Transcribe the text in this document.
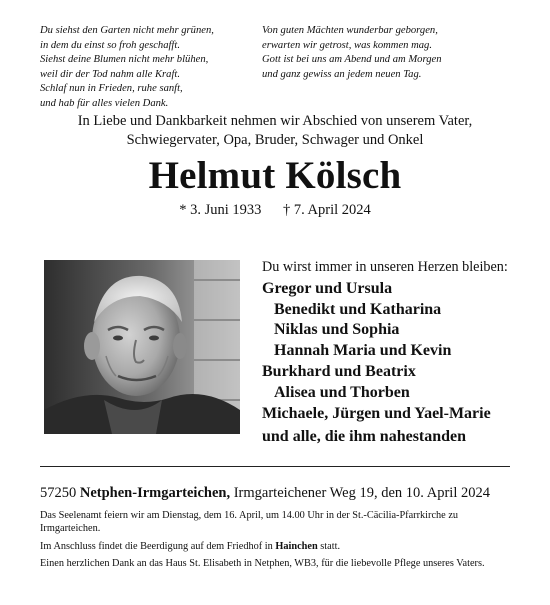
Du siehst den Garten nicht mehr grünen,
in dem du einst so froh geschafft.
Siehst deine Blumen nicht mehr blühen,
weil dir der Tod nahm alle Kraft.
Schlaf nun in Frieden, ruhe sanft,
und hab für alles vielen Dank.
Von guten Mächten wunderbar geborgen,
erwarten wir getrost, was kommen mag.
Gott ist bei uns am Abend und am Morgen
und ganz gewiss an jedem neuen Tag.
In Liebe und Dankbarkeit nehmen wir Abschied von unserem Vater,
Schwiegervater, Opa, Bruder, Schwager und Onkel
Helmut Kölsch
* 3. Juni 1933 † 7. April 2024
Du wirst immer in unseren Herzen bleiben:
Gregor und Ursula
Benedikt und Katharina
Niklas und Sophia
Hannah Maria und Kevin
Burkhard und Beatrix
Alisea und Thorben
Michaele, Jürgen und Yael-Marie
und alle, die ihm nahestanden
57250 Netphen-Irmgarteichen, Irmgarteichener Weg 19, den 10. April 2024

Das Seelenamt feiern wir am Dienstag, dem 16. April, um 14.00 Uhr in der St.-Cäcilia-Pfarrkirche zu Irmgarteichen.

Im Anschluss findet die Beerdigung auf dem Friedhof in Hainchen statt.

Einen herzlichen Dank an das Haus St. Elisabeth in Netphen, WB3, für die liebevolle Pflege unseres Vaters.
